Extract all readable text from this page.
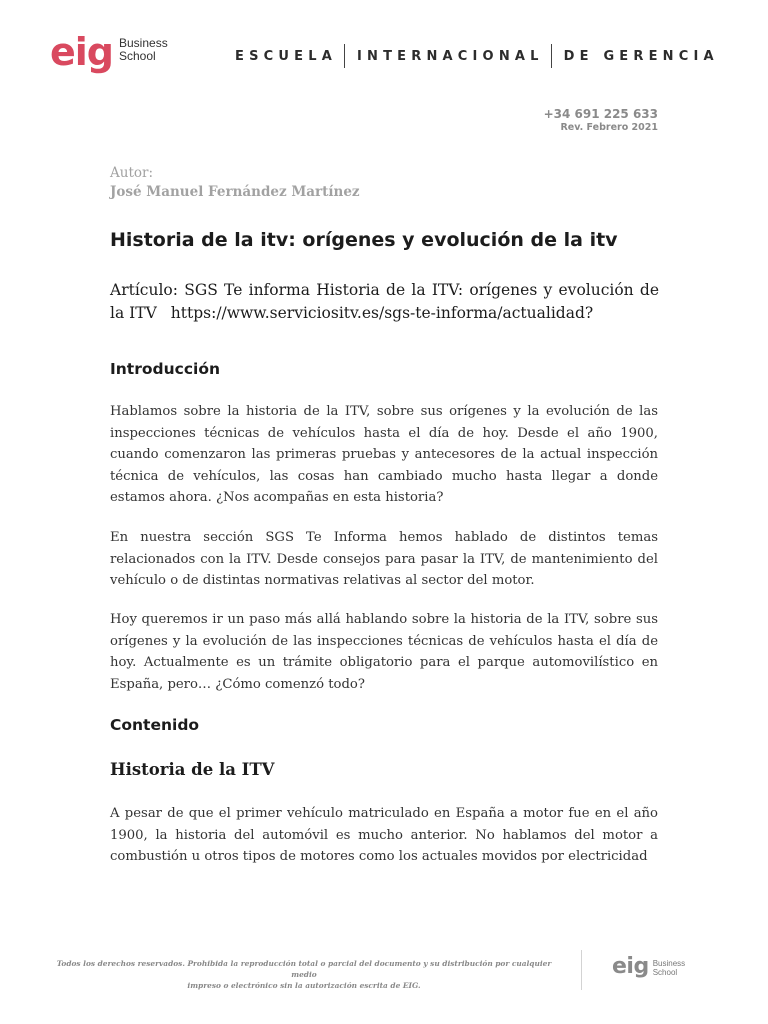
eig Business
School	ESCUELA INTERNACIONAL DE GERENCIA
+34 691 225 633
Rev. Febrero 2021
Autor:
José Manuel Fernández Martínez
Historia de la itv: orígenes y evolución de la itv

Artículo: SGS Te informa Historia de la ITV: orígenes y evolución de la ITV https://www.serviciositv.es/sgs-te-informa/actualidad?

Introducción

Hablamos sobre la historia de la ITV, sobre sus orígenes y la evolución de las inspecciones técnicas de vehículos hasta el día de hoy. Desde el año 1900, cuando comenzaron las primeras pruebas y antecesores de la actual inspección técnica de vehículos, las cosas han cambiado mucho hasta llegar a donde estamos ahora. ¿Nos acompañas en esta historia?

En nuestra sección SGS Te Informa hemos hablado de distintos temas relacionados con la ITV. Desde consejos para pasar la ITV, de mantenimiento del vehículo o de distintas normativas relativas al sector del motor.

Hoy queremos ir un paso más allá hablando sobre la historia de la ITV, sobre sus orígenes y la evolución de las inspecciones técnicas de vehículos hasta el día de hoy. Actualmente es un trámite obligatorio para el parque automovilístico en España, pero… ¿Cómo comenzó todo?

Contenido
Historia de la ITV

A pesar de que el primer vehículo matriculado en España a motor fue en el año 1900, la historia del automóvil es mucho anterior. No hablamos del motor a combustión u otros tipos de motores como los actuales movidos por electricidad

Todos los derechos reservados. Prohibida la reproducción total o parcial del documento y su distribución por cualquier medio
impreso o electrónico sin la autorización escrita de EIG.
eig Business
School
